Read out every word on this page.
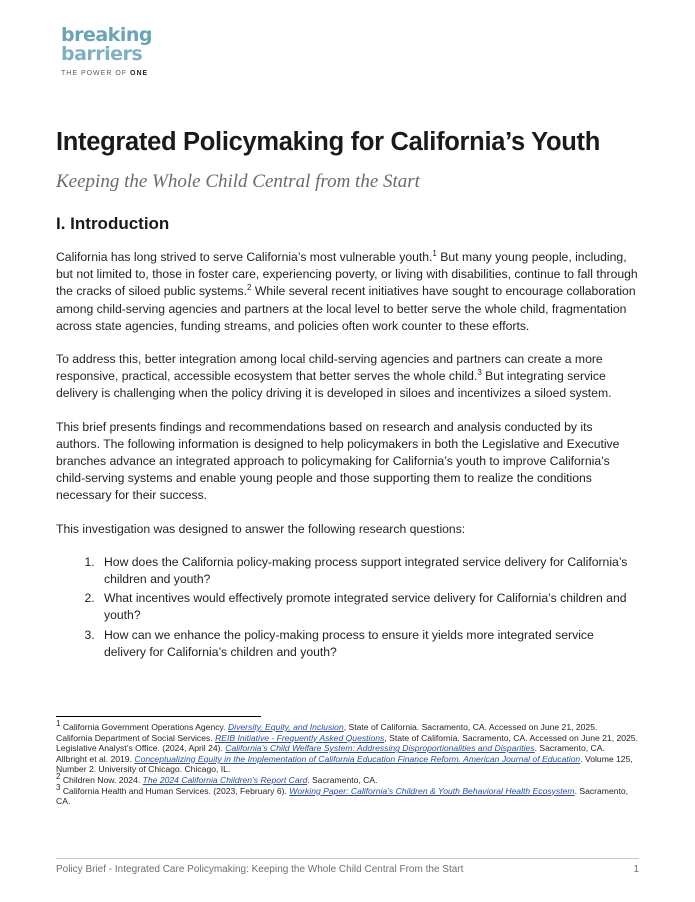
breaking
barriers
THE POWER OF ONE
Integrated Policymaking for California’s Youth
Keeping the Whole Child Central from the Start
I. Introduction

California has long strived to serve California’s most vulnerable youth.$^1$ But many young people, including, but not limited to, those in foster care, experiencing poverty, or living with disabilities, continue to fall through the cracks of siloed public systems.$^2$ While several recent initiatives have sought to encourage collaboration among child-serving agencies and partners at the local level to better serve the whole child, fragmentation across state agencies, funding streams, and policies often work counter to these efforts.

To address this, better integration among local child-serving agencies and partners can create a more responsive, practical, accessible ecosystem that better serves the whole child.$^3$ But integrating service delivery is challenging when the policy driving it is developed in siloes and incentivizes a siloed system.

This brief presents findings and recommendations based on research and analysis conducted by its authors. The following information is designed to help policymakers in both the Legislative and Executive branches advance an integrated approach to policymaking for California’s youth to improve California’s child-serving systems and enable young people and those supporting them to realize the conditions necessary for their success.

This investigation was designed to answer the following research questions:

1. How does the California policy-making process support integrated service delivery for California’s children and youth?
2. What incentives would effectively promote integrated service delivery for California’s children and youth?
3. How can we enhance the policy-making process to ensure it yields more integrated service delivery for California’s children and youth?
$^1$ California Government Operations Agency. Diversity, Equity, and Inclusion, State of California. Sacramento, CA. Accessed on June 21, 2025.
California Department of Social Services. REIB Initiative - Frequently Asked Questions, State of California. Sacramento, CA. Accessed on June 21, 2025.
Legislative Analyst’s Office. (2024, April 24). California’s Child Welfare System: Addressing Disproportionalities and Disparities. Sacramento, CA.
Allbright et al. 2019. Conceptualizing Equity in the Implementation of California Education Finance Reform. American Journal of Education. Volume 125, Number 2. University of Chicago. Chicago, IL.
$^2$ Children Now. 2024. The 2024 California Children’s Report Card. Sacramento, CA.
$^3$ California Health and Human Services. (2023, February 6). Working Paper: California’s Children & Youth Behavioral Health Ecosystem. Sacramento, CA.
Policy Brief - Integrated Care Policymaking: Keeping the Whole Child Central From the Start	1
